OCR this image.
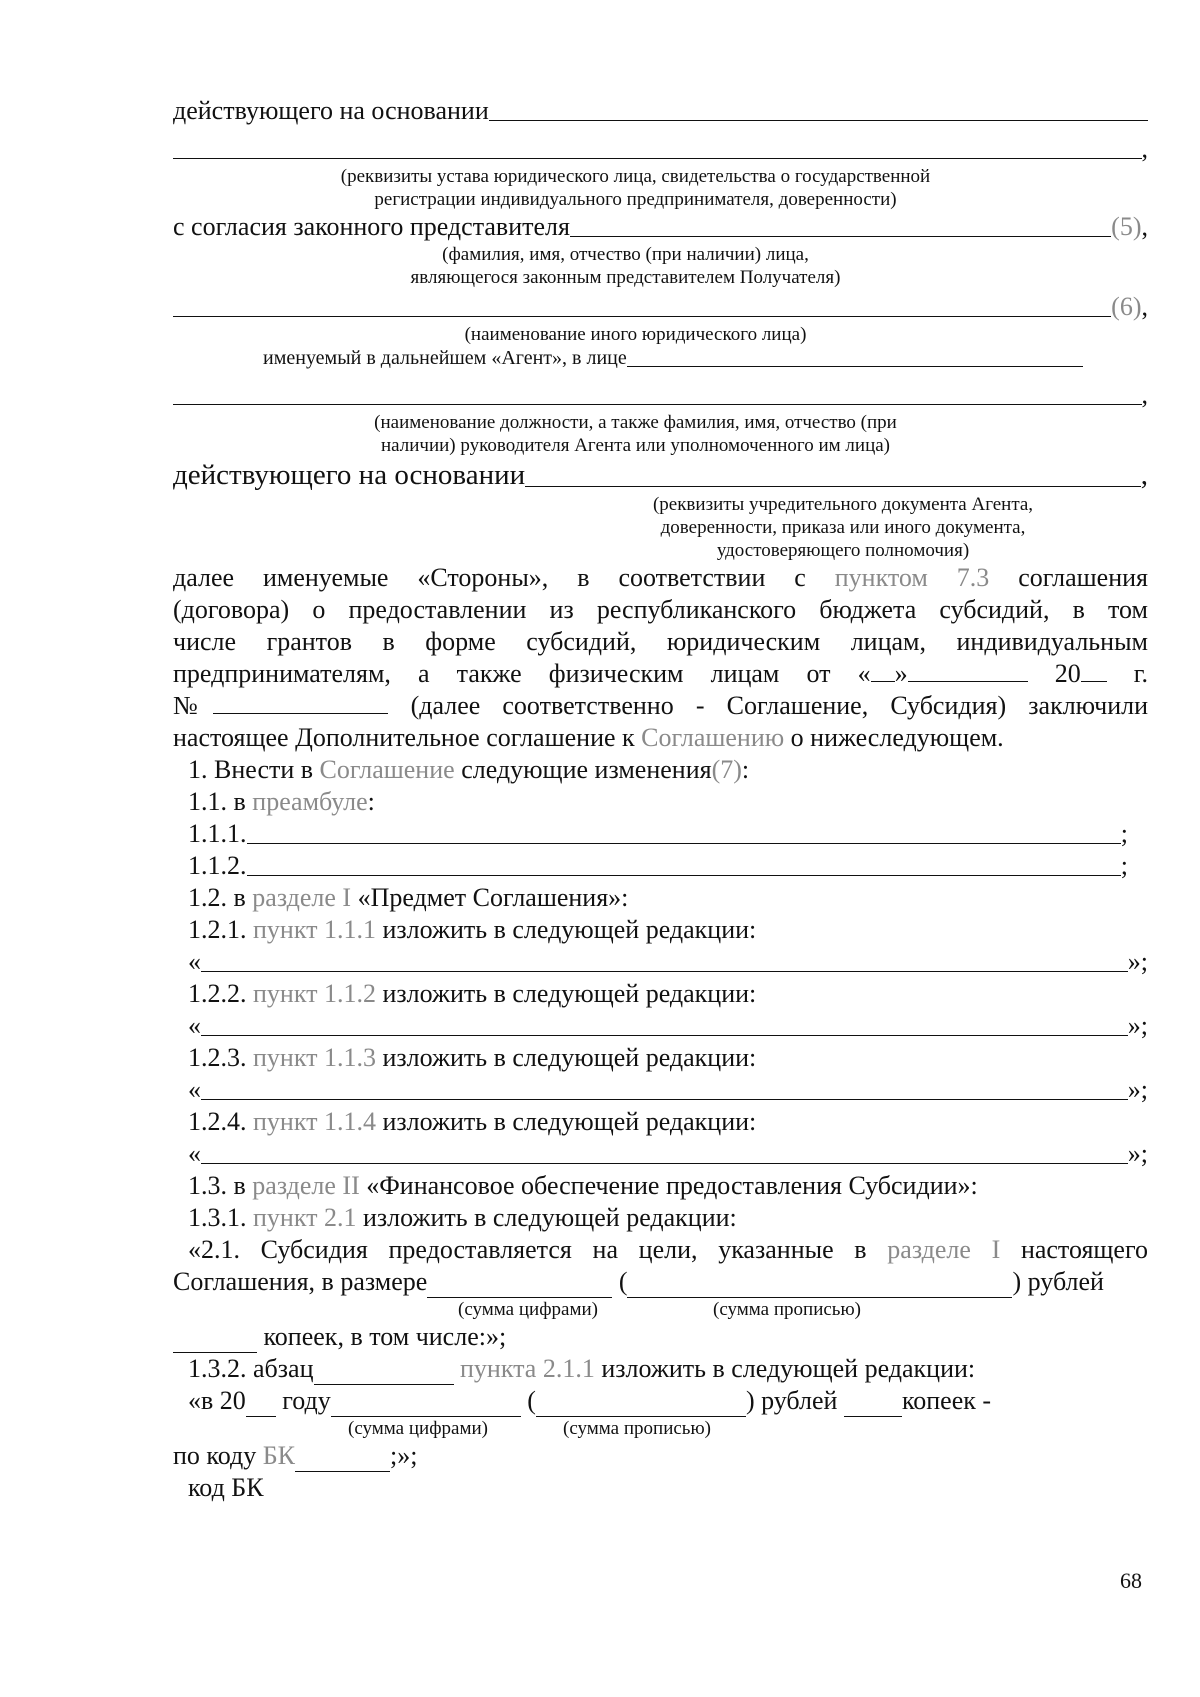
действующего на основании
,
(реквизиты устава юридического лица, свидетельства о государственной
регистрации индивидуального предпринимателя, доверенности)
с согласия законного представителя	(5) ,
(фамилия, имя, отчество (при наличии) лица,
являющегося законным представителем Получателя)
(6) ,
(наименование иного юридического лица)
именуемый в дальнейшем «Агент», в лице
,
(наименование должности, а также фамилия, имя, отчество (при
наличии) руководителя Агента или уполномоченного им лица)
действующего на основании	,
(реквизиты учредительного документа Агента,
доверенности, приказа или иного документа,
удостоверяющего полномочия)
далее именуемые «Стороны», в соответствии с пунктом 7.3 соглашения
(договора) о предоставлении из республиканского бюджета субсидий, в том
числе грантов в форме субсидий, юридическим лицам, индивидуальным
предпринимателям, а также физическим лицам от « »	20 г.
№	(далее соответственно - Соглашение, Субсидия) заключили
настоящее Дополнительное соглашение к
Соглашению
о нижеследующем.
1. Внести в
Соглашение
следующие изменения (7) :
1.1. в
преамбуле :
1.1.1.	;
1.1.2.	;
1.2. в
разделе I
«Предмет Соглашения»:
1.2.1.
пункт 1.1.1
изложить в следующей редакции:
«	»;
1.2.2.
пункт 1.1.2
изложить в следующей редакции:
«	»;
1.2.3.
пункт 1.1.3
изложить в следующей редакции:
«	»;
1.2.4.
пункт 1.1.4
изложить в следующей редакции:
«	»;
1.3. в
разделе II
«Финансовое обеспечение предоставления Субсидии»:
1.3.1.
пункт 2.1
изложить в следующей редакции:
«2.1. Субсидия предоставляется на цели, указанные в разделе I настоящего
Соглашения, в размере
	(	) рублей
(сумма цифрами)	(сумма прописью)

копеек, в том числе:»;
1.3.2. абзац
	пункта 2.1.1
изложить в следующей редакции:
«в 20
году
	(	) рублей
копеек -
(сумма цифрами)	(сумма прописью)
по коду
БК	;»;
код БК
68
